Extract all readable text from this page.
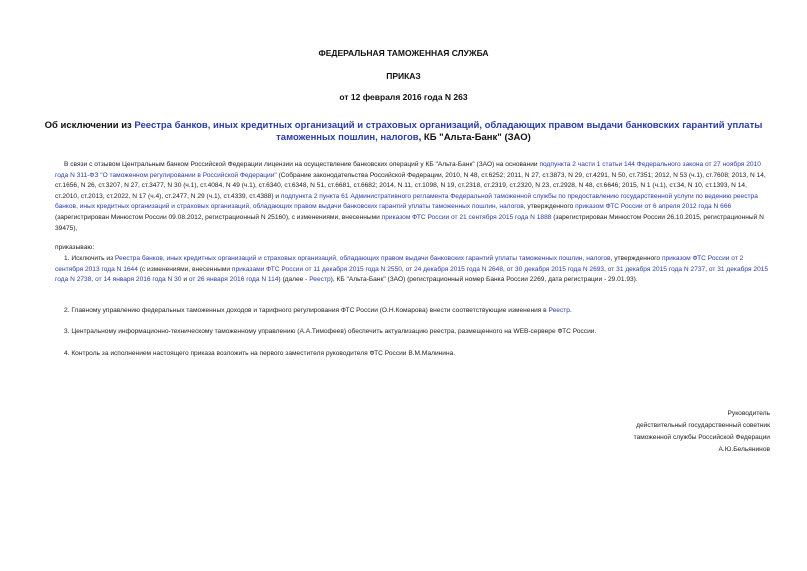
ФЕДЕРАЛЬНАЯ ТАМОЖЕННАЯ СЛУЖБА
ПРИКАЗ
от 12 февраля 2016 года N 263
Об исключении из Реестра банков, иных кредитных организаций и страховых организаций, обладающих правом выдачи банковских гарантий уплаты таможенных пошлин, налогов, КБ "Альта-Банк" (ЗАО)
В связи с отзывом Центральным банком Российской Федерации лицензии на осуществление банковских операций у КБ "Альта-Банк" (ЗАО) на основании подпункта 2 части 1 статьи 144 Федерального закона от 27 ноября 2010 года N 311-ФЗ "О таможенном регулировании в Российской Федерации" (Собрание законодательства Российской Федерации, 2010, N 48, ст.6252; 2011, N 27, ст.3873, N 29, ст.4291, N 50, ст.7351; 2012, N 53 (ч.1), ст.7608; 2013, N 14, ст.1656, N 26, ст.3207, N 27, ст.3477, N 30 (ч.1), ст.4084, N 49 (ч.1), ст.6340, ст.6348, N 51, ст.6681, ст.6682; 2014, N 11, ст.1098, N 19, ст.2318, ст.2319, ст.2320, N 23, ст.2928, N 48, ст.6646; 2015, N 1 (ч.1), ст.34, N 10, ст.1393, N 14, ст.2010, ст.2013, ст.2022, N 17 (ч.4), ст.2477, N 29 (ч.1), ст.4339, ст.4388) и подпункта 2 пункта 61 Административного регламента Федеральной таможенной службы по предоставлению государственной услуги по ведению реестра банков, иных кредитных организаций и страховых организаций, обладающих правом выдачи банковских гарантий уплаты таможенных пошлин, налогов, утвержденного приказом ФТС России от 6 апреля 2012 года N 666 (зарегистрирован Минюстом России 09.08.2012, регистрационный N 25160), с изменениями, внесенными приказом ФТС России от 21 сентября 2015 года N 1888 (зарегистрирован Минюстом России 26.10.2015, регистрационный N 39475),
приказываю:
1. Исключить из Реестра банков, иных кредитных организаций и страховых организаций, обладающих правом выдачи банковских гарантий уплаты таможенных пошлин, налогов, утвержденного приказом ФТС России от 2 сентября 2013 года N 1644 (с изменениями, внесенными приказами ФТС России от 11 декабря 2015 года N 2550, от 24 декабря 2015 года N 2648, от 30 декабря 2015 года N 2693, от 31 декабря 2015 года N 2737, от 31 декабря 2015 года N 2738, от 14 января 2016 года N 30 и от 26 января 2016 года N 114) (далее - Реестр), КБ "Альта-Банк" (ЗАО) (регистрационный номер Банка России 2269, дата регистрации - 29.01.93).
2. Главному управлению федеральных таможенных доходов и тарифного регулирования ФТС России (О.Н.Комарова) внести соответствующие изменения в Реестр.
3. Центральному информационно-техническому таможенному управлению (А.А.Тимофеев) обеспечить актуализацию реестра, размещенного на WEB-сервере ФТС России.
4. Контроль за исполнением настоящего приказа возложить на первого заместителя руководителя ФТС России В.М.Малинина.
Руководитель
действительный государственный советник
таможенной службы Российской Федерации
А.Ю.Бельянинов
